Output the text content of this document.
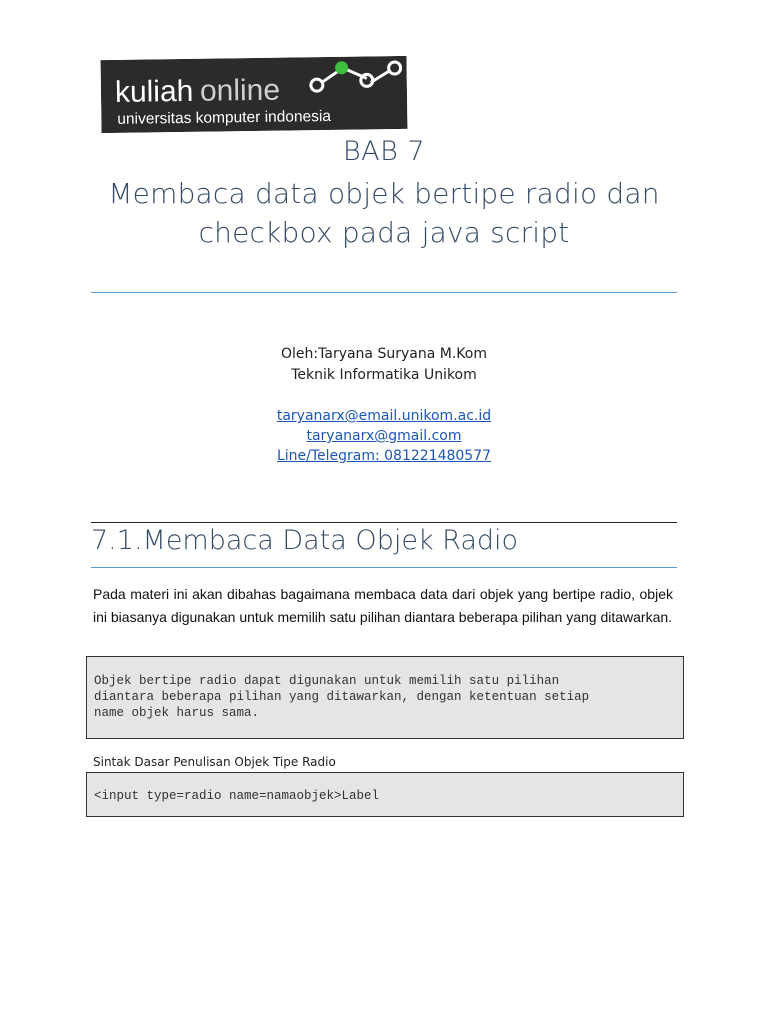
kuliah online
universitas komputer indonesia
BAB 7
Membaca data objek bertipe radio dan
checkbox pada java script
Oleh:Taryana Suryana M.Kom
Teknik Informatika Unikom
taryanarx@email.unikom.ac.id
taryanarx@gmail.com
Line/Telegram: 081221480577
7.1.Membaca Data Objek Radio
Pada materi ini akan dibahas bagaimana membaca data dari objek yang bertipe radio, objek ini biasanya digunakan untuk memilih satu pilihan diantara beberapa pilihan yang ditawarkan.
Objek bertipe radio dapat digunakan untuk memilih satu pilihan
diantara beberapa pilihan yang ditawarkan, dengan ketentuan setiap
name objek harus sama.
Sintak Dasar Penulisan Objek Tipe Radio
<input type=radio name=namaobjek>Label
